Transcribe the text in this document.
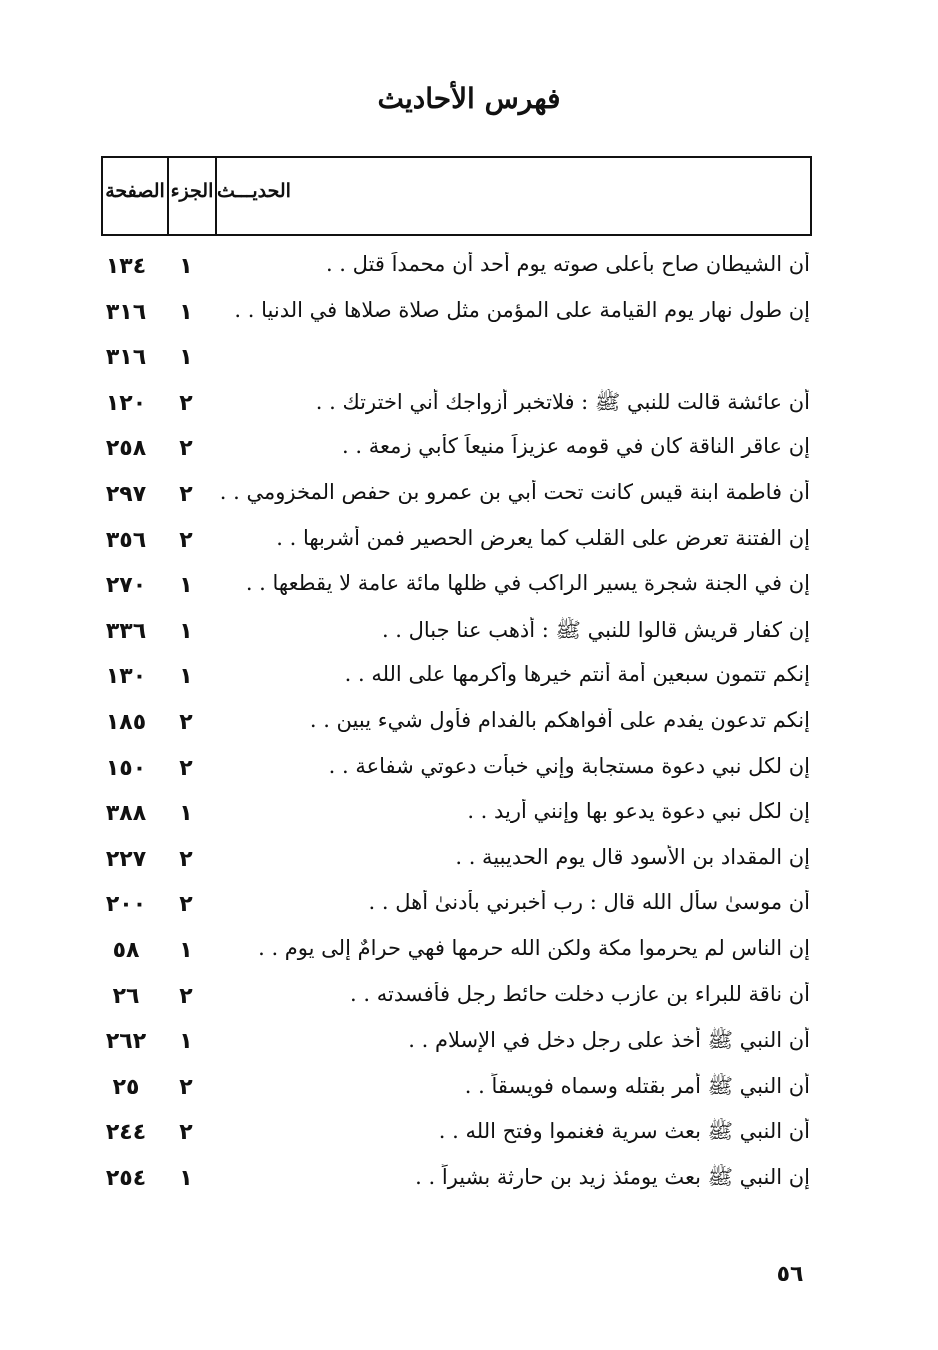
فهرس الأحاديث
الصفحة الجزء الحديـــث
١٣٤	١	أن الشيطان صاح بأعلى صوته يوم أحد أن محمداً قتل . .
٣١٦	١	إن طول نهار يوم القيامة على المؤمن مثل صلاة صلاها في الدنيا . .
٣١٦	١
١٢٠	٢	أن عائشة قالت للنبي ﷺ : فلاتخبر أزواجك أني اخترتك . .
٢٥٨	٢	إن عاقر الناقة كان في قومه عزيزاً منيعاً كأبي زمعة . .
٢٩٧	٢	أن فاطمة ابنة قيس كانت تحت أبي بن عمرو بن حفص المخزومي . .
٣٥٦	٢	إن الفتنة تعرض على القلب كما يعرض الحصير فمن أشربها . .
٢٧٠	١	إن في الجنة شجرة يسير الراكب في ظلها مائة عامة لا يقطعها . .
٣٣٦	١	إن كفار قريش قالوا للنبي ﷺ : أذهب عنا جبال . .
١٣٠	١	إنكم تتمون سبعين أمة أنتم خيرها وأكرمها على الله . .
١٨٥	٢	إنكم تدعون يفدم على أفواهكم بالفدام فأول شيء يبين . .
١٥٠	٢	إن لكل نبي دعوة مستجابة وإني خبأت دعوتي شفاعة . .
٣٨٨	١	إن لكل نبي دعوة يدعو بها وإنني أريد . .
٢٢٧	٢	إن المقداد بن الأسود قال يوم الحديبية . .
٢٠٠	٢	أن موسىٰ سأل الله قال : رب أخبرني بأدنىٰ أهل . .
٥٨	١	إن الناس لم يحرموا مكة ولكن الله حرمها فهي حرامٌ إلى يوم . .
٢٦	٢	أن ناقة للبراء بن عازب دخلت حائط رجل فأفسدته . .
٢٦٢	١	أن النبي ﷺ أخذ على رجل دخل في الإسلام . .
٢٥	٢	أن النبي ﷺ أمر بقتله وسماه فويسقاً . .
٢٤٤	٢	أن النبي ﷺ بعث سرية فغنموا وفتح الله . .
٢٥٤	١	إن النبي ﷺ بعث يومئذ زيد بن حارثة بشيراً . .
٥٦
